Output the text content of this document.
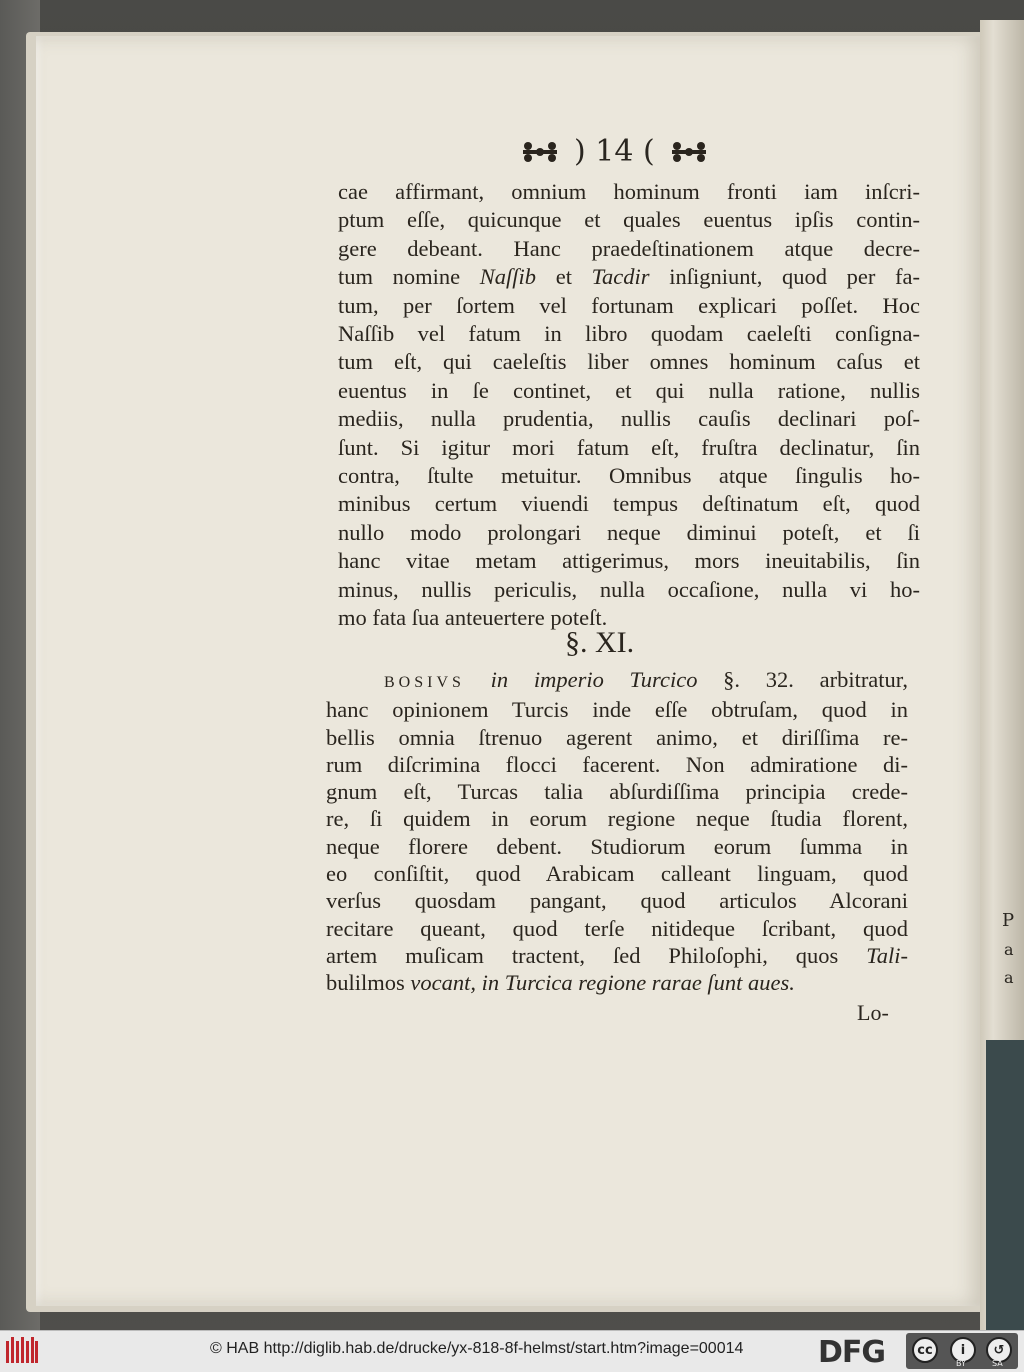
P
a
a
) 14 (
cae affirmant, omnium hominum fronti iam inſcri-
ptum eſſe, quicunque et quales euentus ipſis contin-
gere debeant. Hanc praedeſtinationem atque decre-
tum nomine Naſſib et Tacdir inſigniunt, quod per fa-
tum, per ſortem vel fortunam explicari poſſet. Hoc
Naſſib vel fatum in libro quodam caeleſti conſigna-
tum eſt, qui caeleſtis liber omnes hominum caſus et
euentus in ſe continet, et qui nulla ratione, nullis
mediis, nulla prudentia, nullis cauſis declinari poſ-
ſunt. Si igitur mori fatum eſt, fruſtra declinatur, ſin
contra, ſtulte metuitur. Omnibus atque ſingulis ho-
minibus certum viuendi tempus deſtinatum eſt, quod
nullo modo prolongari neque diminui poteſt, et ſi
hanc vitae metam attigerimus, mors ineuitabilis, ſin
minus, nullis periculis, nulla occaſione, nulla vi ho-
mo fata ſua anteuertere poteſt.
§. XI.
BOSIVS in imperio Turcico §. 32. arbitratur,
hanc opinionem Turcis inde eſſe obtruſam, quod in
bellis omnia ſtrenuo agerent animo, et diriſſima re-
rum diſcrimina flocci facerent. Non admiratione di-
gnum eſt, Turcas talia abſurdiſſima principia crede-
re, ſi quidem in eorum regione neque ſtudia florent,
neque florere debent. Studiorum eorum ſumma in
eo conſiſtit, quod Arabicam calleant linguam, quod
verſus quosdam pangant, quod articulos Alcorani
recitare queant, quod terſe nitideque ſcribant, quod
artem muſicam tractent, ſed Philoſophi, quos Tali-
bulilmos vocant, in Turcica regione rarae ſunt aues.
Lo-
© HAB http://diglib.hab.de/drucke/yx-818-8f-helmst/start.htm?image=00014 DFG	cc	i	↺
BY	SA
